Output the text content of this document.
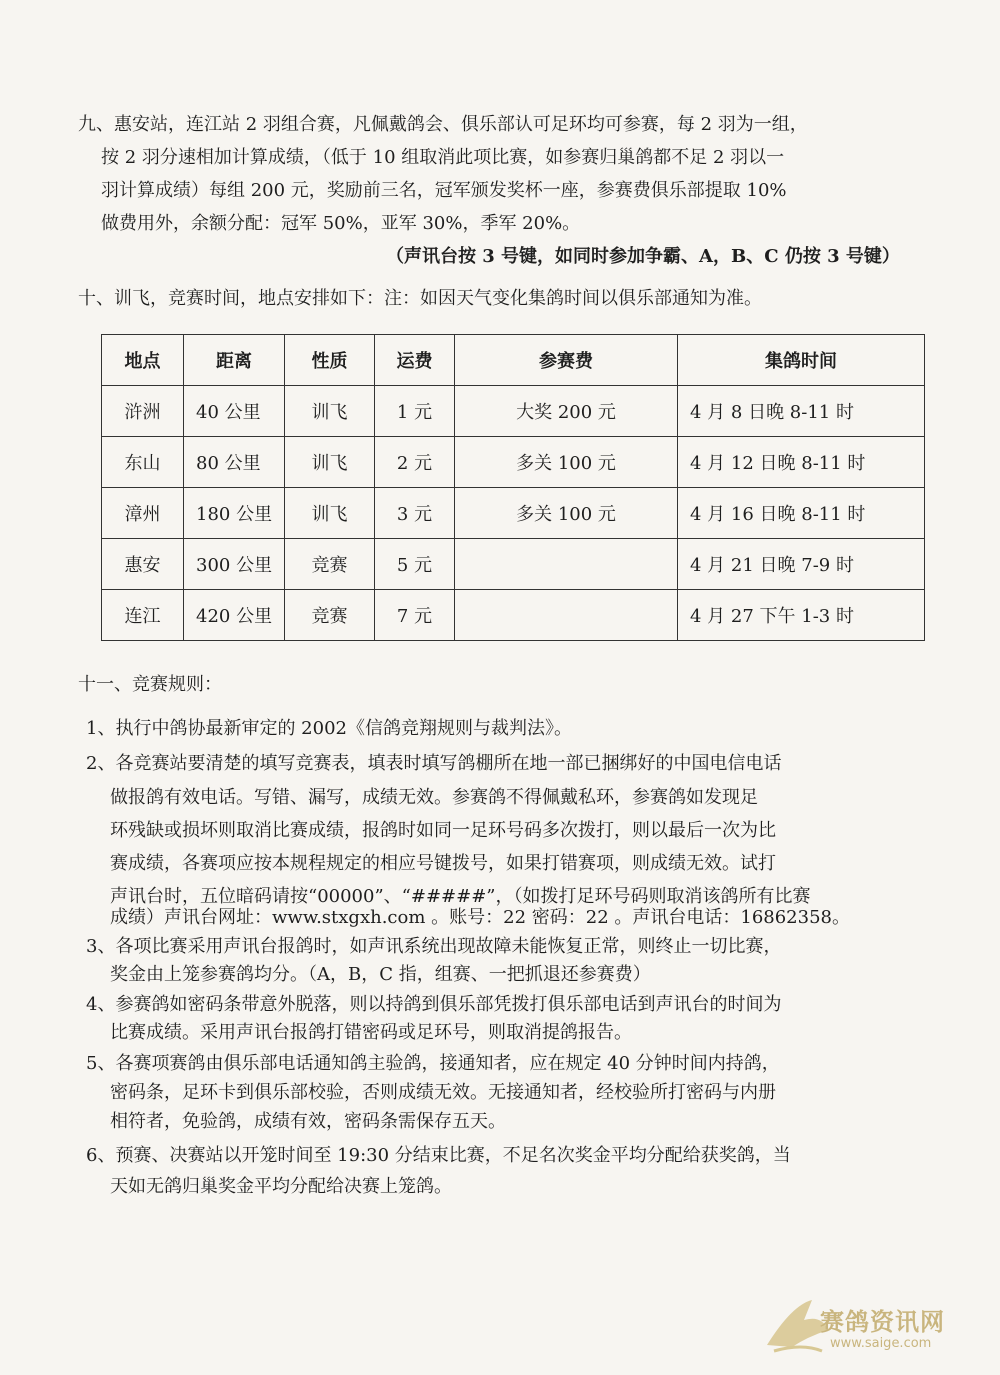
九、惠安站，连江站 2 羽组合赛，凡佩戴鸽会、俱乐部认可足环均可参赛，每 2 羽为一组，
按 2 羽分速相加计算成绩，（低于 10 组取消此项比赛，如参赛归巢鸽都不足 2 羽以一
羽计算成绩）每组 200 元，奖励前三名，冠军颁发奖杯一座，参赛费俱乐部提取 10%
做费用外，余额分配：冠军 50%，亚军 30%，季军 20%。
（声讯台按 3 号键，如同时参加争霸、A，B、C 仍按 3 号键）
十、训飞，竞赛时间，地点安排如下：注：如因天气变化集鸽时间以俱乐部通知为准。
地点	距离	性质	运费	参赛费	集鸽时间
浒洲	40 公里	训飞	1 元	大奖 200 元	4 月 8 日晚 8-11 时
东山	80 公里	训飞	2 元	多关 100 元	4 月 12 日晚 8-11 时
漳州	180 公里	训飞	3 元	多关 100 元	4 月 16 日晚 8-11 时
惠安	300 公里	竞赛	5 元		4 月 21 日晚 7-9 时
连江	420 公里	竞赛	7 元		4 月 27 下午 1-3 时
十一、竞赛规则：
1、执行中鸽协最新审定的 2002《信鸽竞翔规则与裁判法》。
2、各竞赛站要清楚的填写竞赛表，填表时填写鸽棚所在地一部已捆绑好的中国电信电话
做报鸽有效电话。写错、漏写，成绩无效。参赛鸽不得佩戴私环，参赛鸽如发现足
环残缺或损坏则取消比赛成绩，报鸽时如同一足环号码多次拨打，则以最后一次为比
赛成绩，各赛项应按本规程规定的相应号键拨号，如果打错赛项，则成绩无效。试打
声讯台时，五位暗码请按“00000”、“#####”，（如拨打足环号码则取消该鸽所有比赛
成绩）声讯台网址：www.stxgxh.com 。账号：22 密码：22 。声讯台电话：16862358。
3、各项比赛采用声讯台报鸽时，如声讯系统出现故障未能恢复正常，则终止一切比赛，
奖金由上笼参赛鸽均分。（A，B，C 指，组赛、一把抓退还参赛费）
4、参赛鸽如密码条带意外脱落，则以持鸽到俱乐部凭拨打俱乐部电话到声讯台的时间为
比赛成绩。采用声讯台报鸽打错密码或足环号，则取消提鸽报告。
5、各赛项赛鸽由俱乐部电话通知鸽主验鸽，接通知者，应在规定 40 分钟时间内持鸽，
密码条，足环卡到俱乐部校验，否则成绩无效。无接通知者，经校验所打密码与内册
相符者，免验鸽，成绩有效，密码条需保存五天。
6、预赛、决赛站以开笼时间至 19:30 分结束比赛，不足名次奖金平均分配给获奖鸽，当
天如无鸽归巢奖金平均分配给决赛上笼鸽。
赛鸽资讯网
www.saige.com
